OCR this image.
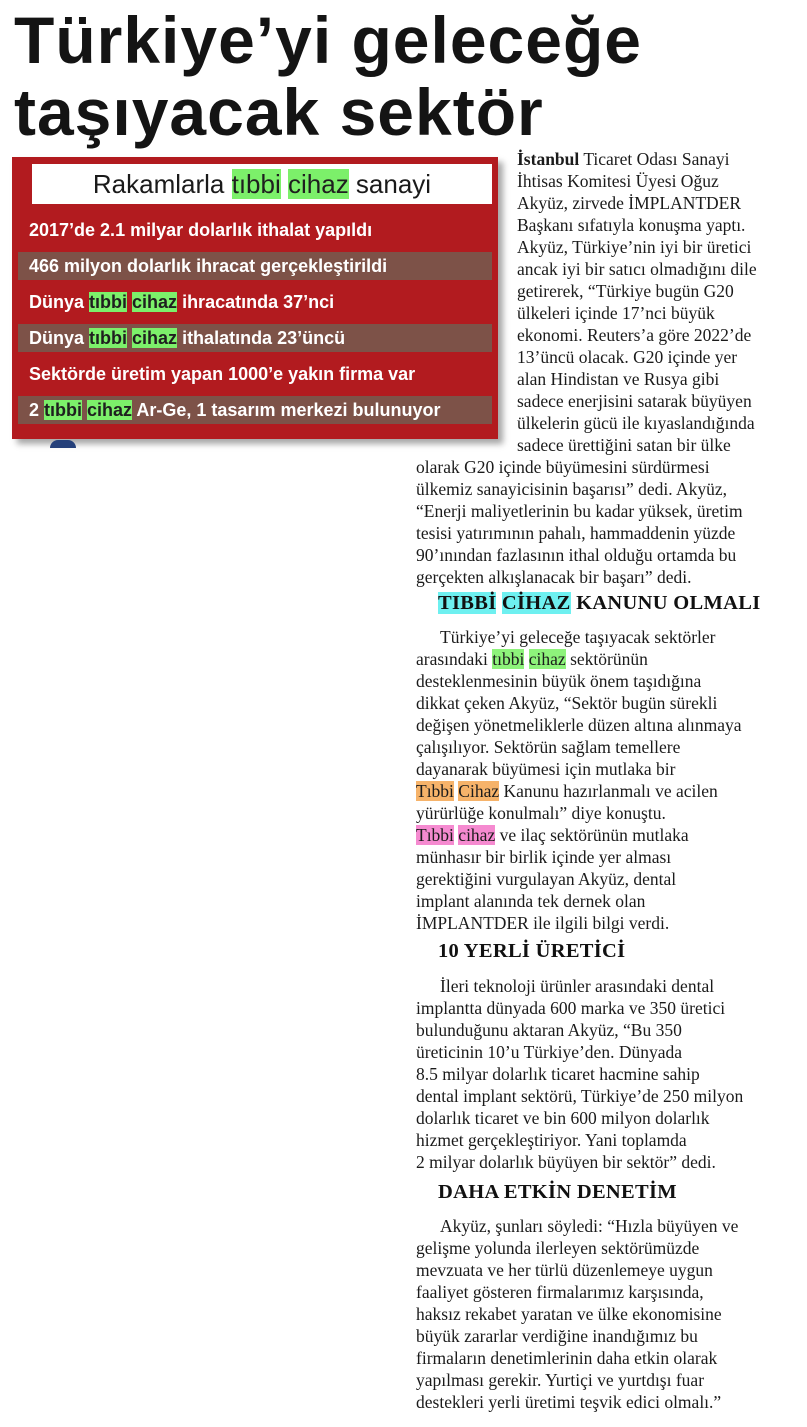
Türkiye’yi geleceğe
taşıyacak sektör
Rakamlarla tıbbi cihaz sanayi
2017’de 2.1 milyar dolarlık ithalat yapıldı
466 milyon dolarlık ihracat gerçekleştirildi
Dünya tıbbi cihaz ihracatında 37’nci
Dünya tıbbi cihaz ithalatında 23’üncü
Sektörde üretim yapan 1000’e yakın firma var
2 tıbbi cihaz Ar-Ge, 1 tasarım merkezi bulunuyor

İstanbul Ticaret Odası Sanayi

İhtisas Komitesi Üyesi Oğuz

Akyüz, zirvede İMPLANTDER

Başkanı sıfatıyla konuşma yaptı.

Akyüz, Türkiye’nin iyi bir üretici

ancak iyi bir satıcı olmadığını dile

getirerek, “Türkiye bugün G20

ülkeleri içinde 17’nci büyük

ekonomi. Reuters’a göre 2022’de

13’üncü olacak. G20 içinde yer

alan Hindistan ve Rusya gibi

sadece enerjisini satarak büyüyen

ülkelerin gücü ile kıyaslandığında

sadece ürettiğini satan bir ülke

olarak G20 içinde büyümesini sürdürmesi

ülkemiz sanayicisinin başarısı” dedi. Akyüz,

“Enerji maliyetlerinin bu kadar yüksek, üretim

tesisi yatırımının pahalı, hammaddenin yüzde

90’ınından fazlasının ithal olduğu ortamda bu

gerçekten alkışlanacak bir başarı” dedi.

TIBBİ CİHAZ KANUNU OLMALI

Türkiye’yi geleceğe taşıyacak sektörler

arasındaki tıbbi cihaz sektörünün

desteklenmesinin büyük önem taşıdığına

dikkat çeken Akyüz, “Sektör bugün sürekli

değişen yönetmeliklerle düzen altına alınmaya

çalışılıyor. Sektörün sağlam temellere

dayanarak büyümesi için mutlaka bir

Tıbbi Cihaz Kanunu hazırlanmalı ve acilen

yürürlüğe konulmalı” diye konuştu.

Tıbbi cihaz ve ilaç sektörünün mutlaka

münhasır bir birlik içinde yer alması

gerektiğini vurgulayan Akyüz, dental

implant alanında tek dernek olan

İMPLANTDER ile ilgili bilgi verdi.

10 YERLİ ÜRETİCİ

İleri teknoloji ürünler arasındaki dental

implantta dünyada 600 marka ve 350 üretici

bulunduğunu aktaran Akyüz, “Bu 350

üreticinin 10’u Türkiye’den. Dünyada

8.5 milyar dolarlık ticaret hacmine sahip

dental implant sektörü, Türkiye’de 250 milyon

dolarlık ticaret ve bin 600 milyon dolarlık

hizmet gerçekleştiriyor. Yani toplamda

2 milyar dolarlık büyüyen bir sektör” dedi.

DAHA ETKİN DENETİM

Akyüz, şunları söyledi: “Hızla büyüyen ve

gelişme yolunda ilerleyen sektörümüzde

mevzuata ve her türlü düzenlemeye uygun

faaliyet gösteren firmalarımız karşısında,

haksız rekabet yaratan ve ülke ekonomisine

büyük zararlar verdiğine inandığımız bu

firmaların denetimlerinin daha etkin olarak

yapılması gerekir. Yurtiçi ve yurtdışı fuar

destekleri yerli üretimi teşvik edici olmalı.”
